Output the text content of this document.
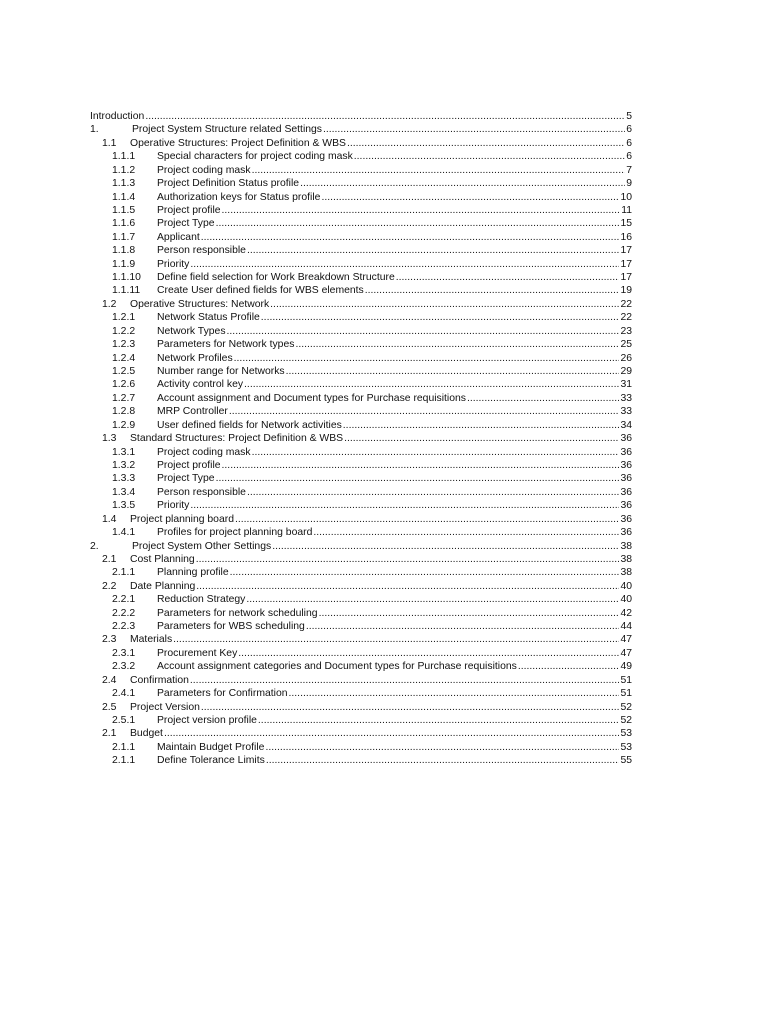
Introduction .....	5
1.	Project System Structure related Settings .....	6
1.1	Operative Structures: Project Definition & WBS .....	6
1.1.1	Special characters for project coding mask .....	6
1.1.2	Project coding mask .....	7
1.1.3	Project Definition Status profile .....	9
1.1.4	Authorization keys for Status profile .....	10
1.1.5	Project profile .....	11
1.1.6	Project Type .....	15
1.1.7	Applicant .....	16
1.1.8	Person responsible .....	17
1.1.9	Priority .....	17
1.1.10	Define field selection for Work Breakdown Structure .....	17
1.1.11	Create User defined fields for WBS elements .....	19
1.2	Operative Structures: Network .....	22
1.2.1	Network Status Profile .....	22
1.2.2	Network Types .....	23
1.2.3	Parameters for Network types .....	25
1.2.4	Network Profiles .....	26
1.2.5	Number range for Networks .....	29
1.2.6	Activity control key .....	31
1.2.7	Account assignment and Document types for Purchase requisitions .....	33
1.2.8	MRP Controller .....	33
1.2.9	User defined fields for Network activities .....	34
1.3	Standard Structures: Project Definition & WBS .....	36
1.3.1	Project coding mask .....	36
1.3.2	Project profile .....	36
1.3.3	Project Type .....	36
1.3.4	Person responsible .....	36
1.3.5	Priority .....	36
1.4	Project planning board .....	36
1.4.1	Profiles for project planning board .....	36
2.	Project System Other Settings .....	38
2.1	Cost Planning .....	38
2.1.1	Planning profile .....	38
2.2	Date Planning .....	40
2.2.1	Reduction Strategy .....	40
2.2.2	Parameters for network scheduling .....	42
2.2.3	Parameters for WBS scheduling .....	44
2.3	Materials .....	47
2.3.1	Procurement Key .....	47
2.3.2	Account assignment categories and Document types for Purchase requisitions .....	49
2.4	Confirmation .....	51
2.4.1	Parameters for Confirmation .....	51
2.5	Project Version .....	52
2.5.1	Project version profile .....	52
2.1	Budget .....	53
2.1.1	Maintain Budget Profile .....	53
2.1.1	Define Tolerance Limits .....	55
